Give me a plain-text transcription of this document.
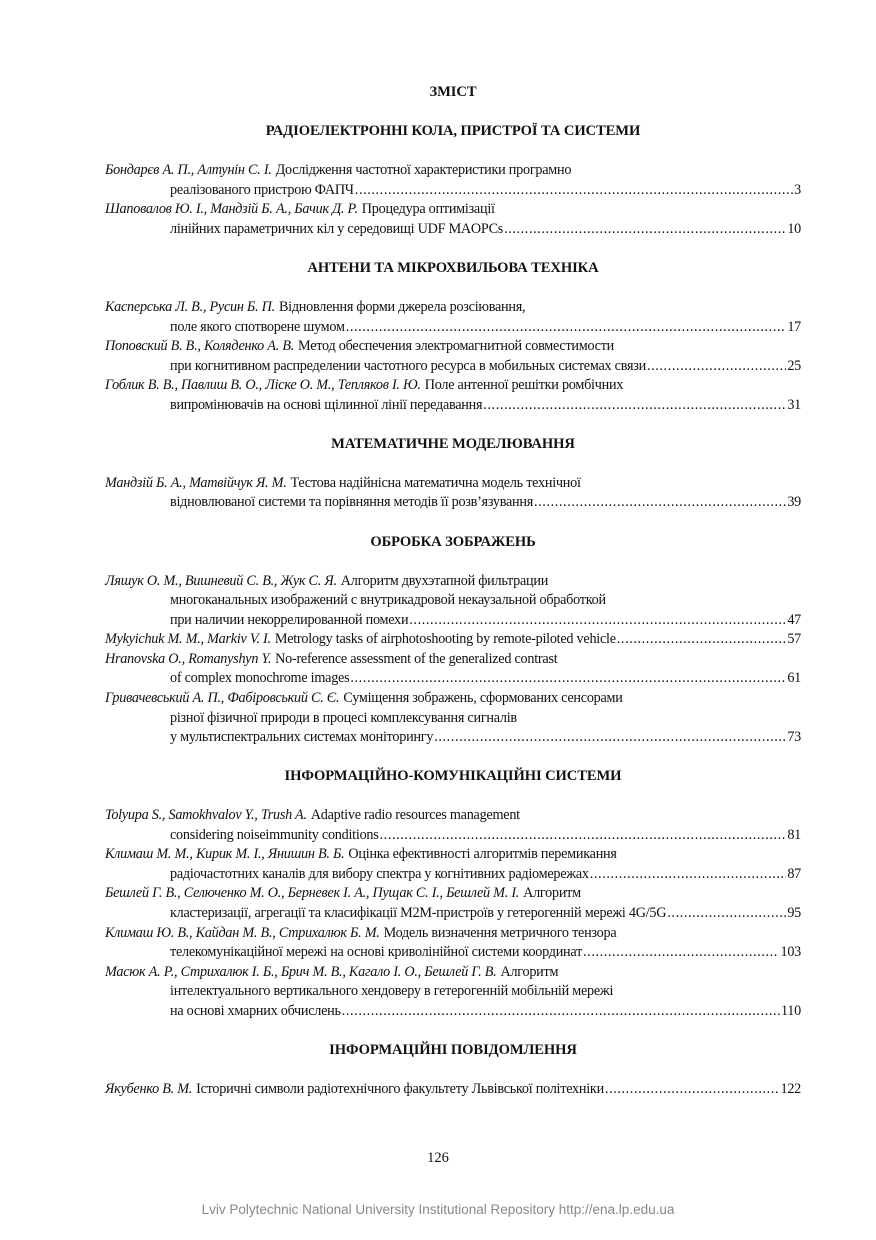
ЗМІСТ
РАДІОЕЛЕКТРОННІ КОЛА, ПРИСТРОЇ ТА СИСТЕМИ
Бондарєв А. П., Алтунін С. І. Дослідження частотної характеристики програмно
реалізованого пристрою ФАПЧ .....	3
Шаповалов Ю. І., Мандзій Б. А., Бачик Д. Р. Процедура оптимізації
лінійних параметричних кіл у середовищі UDF MAOPCs .....	10
АНТЕНИ ТА МІКРОХВИЛЬОВА ТЕХНІКА
Касперська Л. В., Русин Б. П. Відновлення форми джерела розсіювання,
поле якого спотворене шумом .....	17
Поповский В. В., Коляденко А. В. Метод обеспечения электромагнитной совместимости
при когнитивном распределении частотного ресурса в мобильных системах связи .....	25
Гоблик В. В., Павлиш В. О., Ліске О. М., Тепляков І. Ю. Поле антенної решітки ромбічних
випромінювачів на основі щілинної лінії передавання .....	31
МАТЕМАТИЧНЕ МОДЕЛЮВАННЯ
Мандзій Б. А., Матвійчук Я. М. Тестова надійнісна математична модель технічної
відновлюваної системи та порівняння методів її розв’язування .....	39
ОБРОБКА ЗОБРАЖЕНЬ
Ляшук О. М., Вишневий С. В., Жук С. Я. Алгоритм двухэтапной фильтрации
многоканальных изображений с внутрикадровой некаузальной обработкой
при наличии некоррелированной помехи .....	47
Mykyichuk M. M., Markiv V. I. Metrology tasks of airphotoshooting by remote-piloted vehicle .....	57
Hranovska O., Romanyshyn Y. No-reference assessment of the generalized contrast
of complex monochrome images .....	61
Гривачевський А. П., Фабіровський С. Є. Суміщення зображень, сформованих сенсорами
різної фізичної природи в процесі комплексування сигналів
у мультиспектральних системах моніторингу .....	73
ІНФОРМАЦІЙНО-КОМУНІКАЦІЙНІ СИСТЕМИ
Tolyupa S., Samokhvalov Y., Trush A. Adaptive radio resources management
considering noiseimmunity conditions .....	81
Климаш М. М., Кирик М. І., Янишин В. Б. Оцінка ефективності алгоритмів перемикання
радіочастотних каналів для вибору спектра у когнітивних радіомережах .....	87
Бешлей Г. В., Селюченко М. О., Берневек І. А., Пущак С. І., Бешлей М. І. Алгоритм
кластеризації, агрегації та класифікації M2M-пристроїв у гетерогенній мережі 4G/5G .....	95
Климаш Ю. В., Кайдан М. В., Стрихалюк Б. М. Модель визначення метричного тензора
телекомунікаційної мережі на основі криволінійної системи координат .....	103
Масюк А. Р., Стрихалюк І. Б., Брич М. В., Кагало І. О., Бешлей Г. В. Алгоритм
інтелектуального вертикального хендоверу в гетерогенній мобільній мережі
на основі хмарних обчислень .....	110
ІНФОРМАЦІЙНІ ПОВІДОМЛЕННЯ
Якубенко В. М. Історичні символи радіотехнічного факультету Львівської політехніки .....	122
126
Lviv Polytechnic National University Institutional Repository http://ena.lp.edu.ua
